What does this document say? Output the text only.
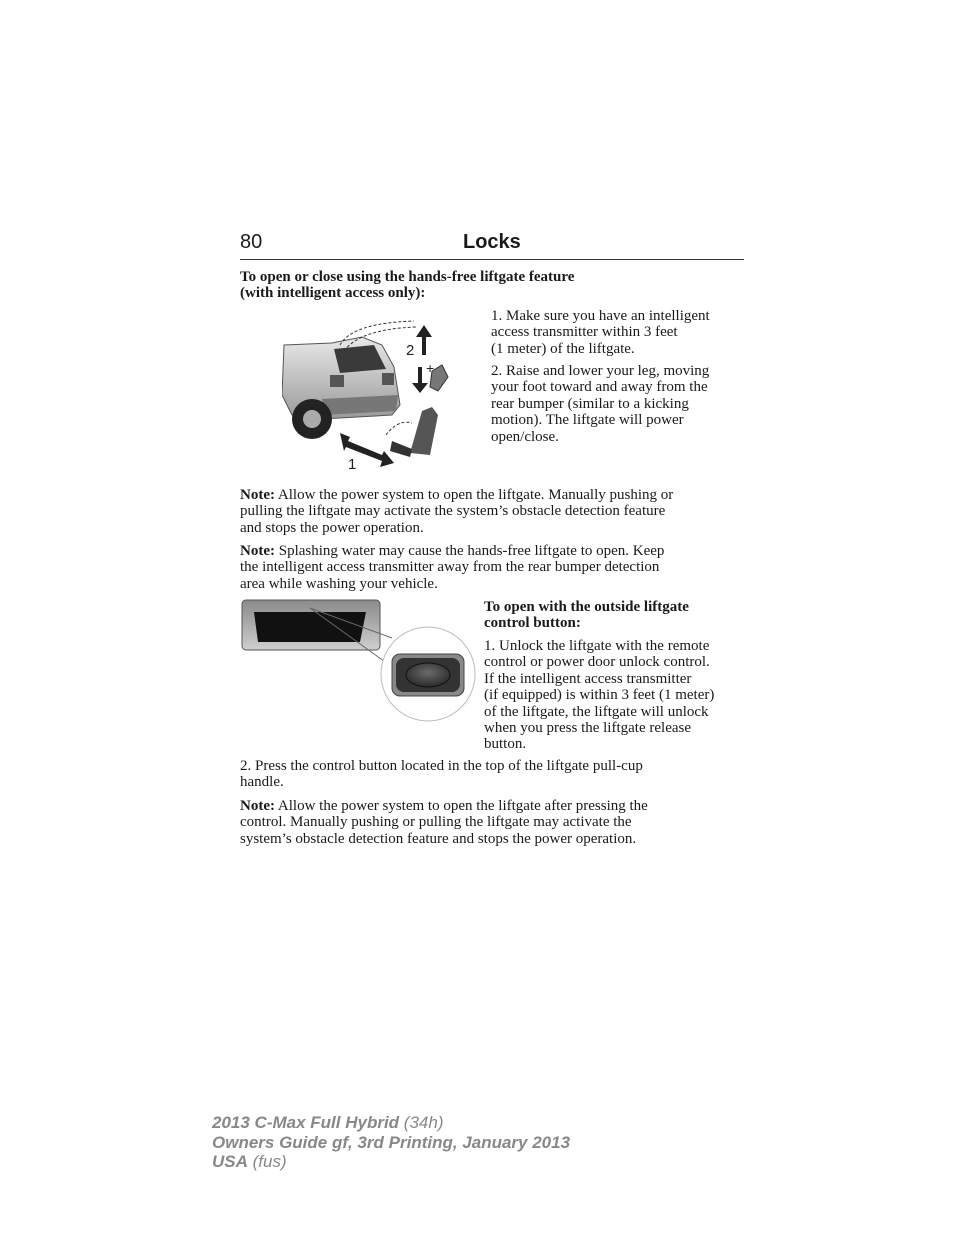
80	Locks

To open or close using the hands-free liftgate feature

(with intelligent access only):

+
2
1

1. Make sure you have an intelligent

access transmitter within 3 feet

(1 meter) of the liftgate.

2. Raise and lower your leg, moving

your foot toward and away from the

rear bumper (similar to a kicking

motion). The liftgate will power

open/close.

Note: Allow the power system to open the liftgate. Manually pushing or

pulling the liftgate may activate the system’s obstacle detection feature

and stops the power operation.

Note: Splashing water may cause the hands-free liftgate to open. Keep

the intelligent access transmitter away from the rear bumper detection

area while washing your vehicle.

To open with the outside liftgate

control button:

1. Unlock the liftgate with the remote

control or power door unlock control.

If the intelligent access transmitter

(if equipped) is within 3 feet (1 meter)

of the liftgate, the liftgate will unlock

when you press the liftgate release

button.

2. Press the control button located in the top of the liftgate pull-cup

handle.

Note: Allow the power system to open the liftgate after pressing the

control. Manually pushing or pulling the liftgate may activate the

system’s obstacle detection feature and stops the power operation.

2013 C-Max Full Hybrid (34h)
Owners Guide gf, 3rd Printing, January 2013
USA (fus)
